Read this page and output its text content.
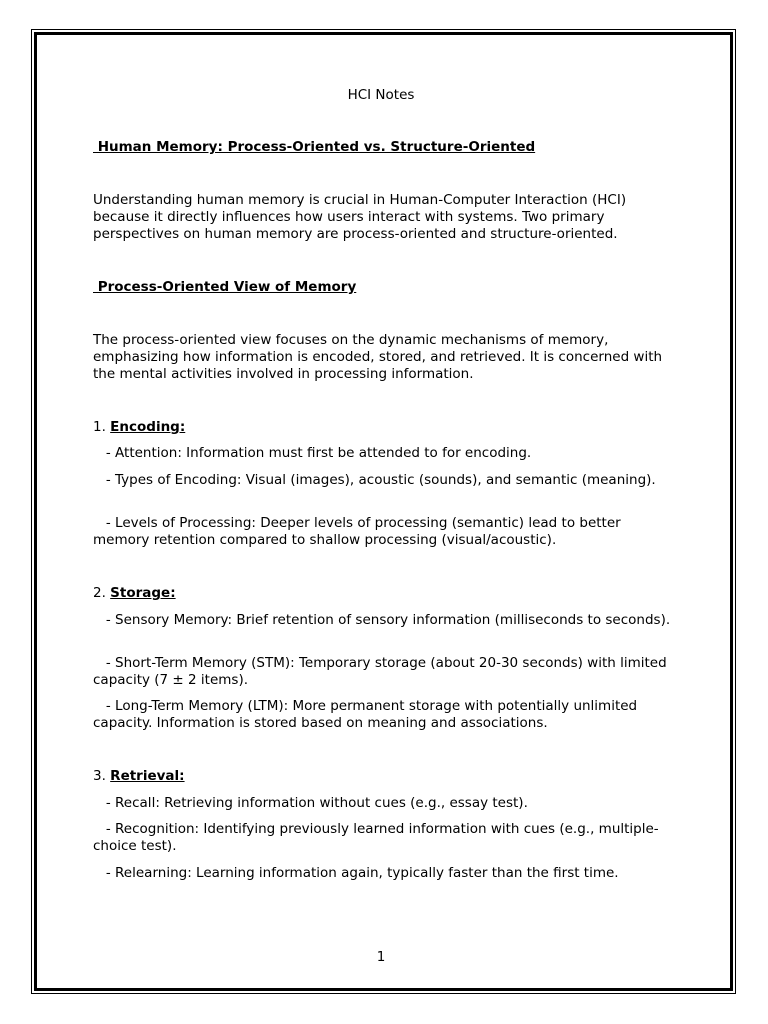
HCI Notes
Human Memory: Process-Oriented vs. Structure-Oriented
Understanding human memory is crucial in Human-Computer Interaction (HCI) because it directly influences how users interact with systems. Two primary perspectives on human memory are process-oriented and structure-oriented.
Process-Oriented View of Memory
The process-oriented view focuses on the dynamic mechanisms of memory, emphasizing how information is encoded, stored, and retrieved. It is concerned with the mental activities involved in processing information.
1. Encoding:
- Attention: Information must first be attended to for encoding.
- Types of Encoding: Visual (images), acoustic (sounds), and semantic (meaning).
- Levels of Processing: Deeper levels of processing (semantic) lead to better memory retention compared to shallow processing (visual/acoustic).
2. Storage:
- Sensory Memory: Brief retention of sensory information (milliseconds to seconds).
- Short-Term Memory (STM): Temporary storage (about 20-30 seconds) with limited capacity (7 ± 2 items).
- Long-Term Memory (LTM): More permanent storage with potentially unlimited capacity. Information is stored based on meaning and associations.
3. Retrieval:
- Recall: Retrieving information without cues (e.g., essay test).
- Recognition: Identifying previously learned information with cues (e.g., multiple-choice test).
- Relearning: Learning information again, typically faster than the first time.
1
